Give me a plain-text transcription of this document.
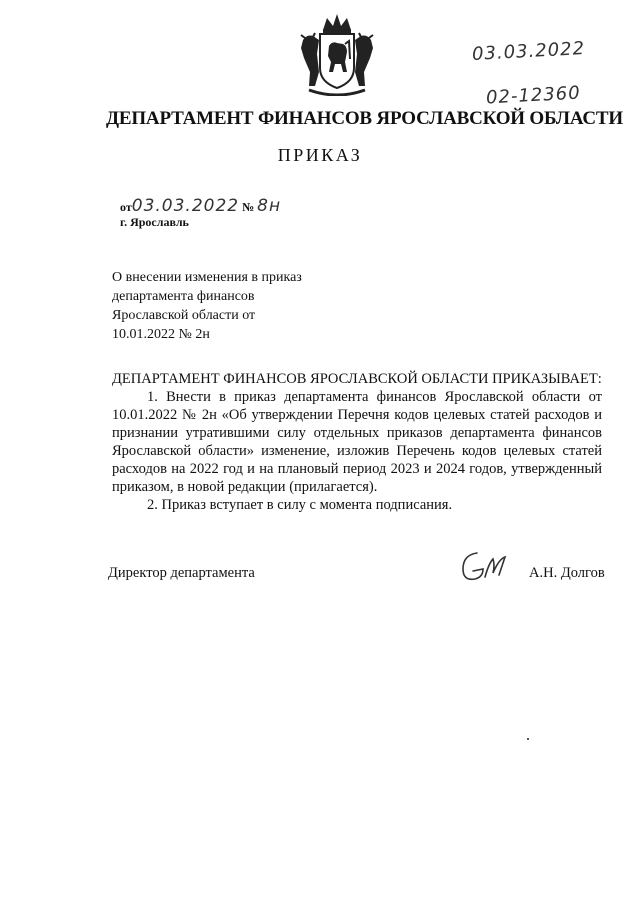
03.03.2022
02-12360
ДЕПАРТАМЕНТ ФИНАНСОВ ЯРОСЛАВСКОЙ ОБЛАСТИ
ПРИКАЗ
от03.03.2022 № 8н
г. Ярославль
О внесении изменения в приказ
департамента финансов
Ярославской области от
10.01.2022 № 2н
ДЕПАРТАМЕНТ ФИНАНСОВ ЯРОСЛАВСКОЙ ОБЛАСТИ ПРИКАЗЫВАЕТ:

1. Внести в приказ департамента финансов Ярославской области от 10.01.2022 № 2н «Об утверждении Перечня кодов целевых статей расходов и признании утратившими силу отдельных приказов департамента финансов Ярославской области» изменение, изложив Перечень кодов целевых статей расходов на 2022 год и на плановый период 2023 и 2024 годов, утвержденный приказом, в новой редакции (прилагается).

2. Приказ вступает в силу с момента подписания.

Директор департамента	А.Н. Долгов
